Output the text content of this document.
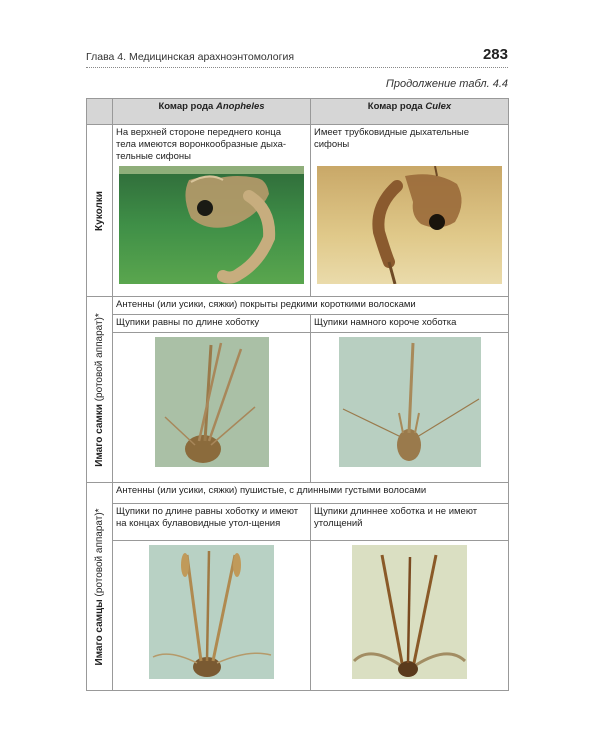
Глава 4. Медицинская арахноэнтомология	283
Продолжение табл. 4.4
	Комар рода Anopheles	Комар рода Culex

Куколки	На верхней стороне переднего конца тела имеются воронкообразные дыха-тельные сифоны	Имеет трубковидные дыхательные сифоны

Имаго самки (ротовой аппарат)*	Антенны (или усики, сяжки) покрыты редкими короткими волосками	
	Щупики равны по длине хоботку	Щупики намного короче хоботка

Имаго самцы (ротовой аппарат)*	Антенны (или усики, сяжки) пушистые, с длинными густыми волосами	
	Щупики по длине равны хоботку и имеют на концах булавовидные утол-щения	Щупики длиннее хоботка и не имеют утолщений
